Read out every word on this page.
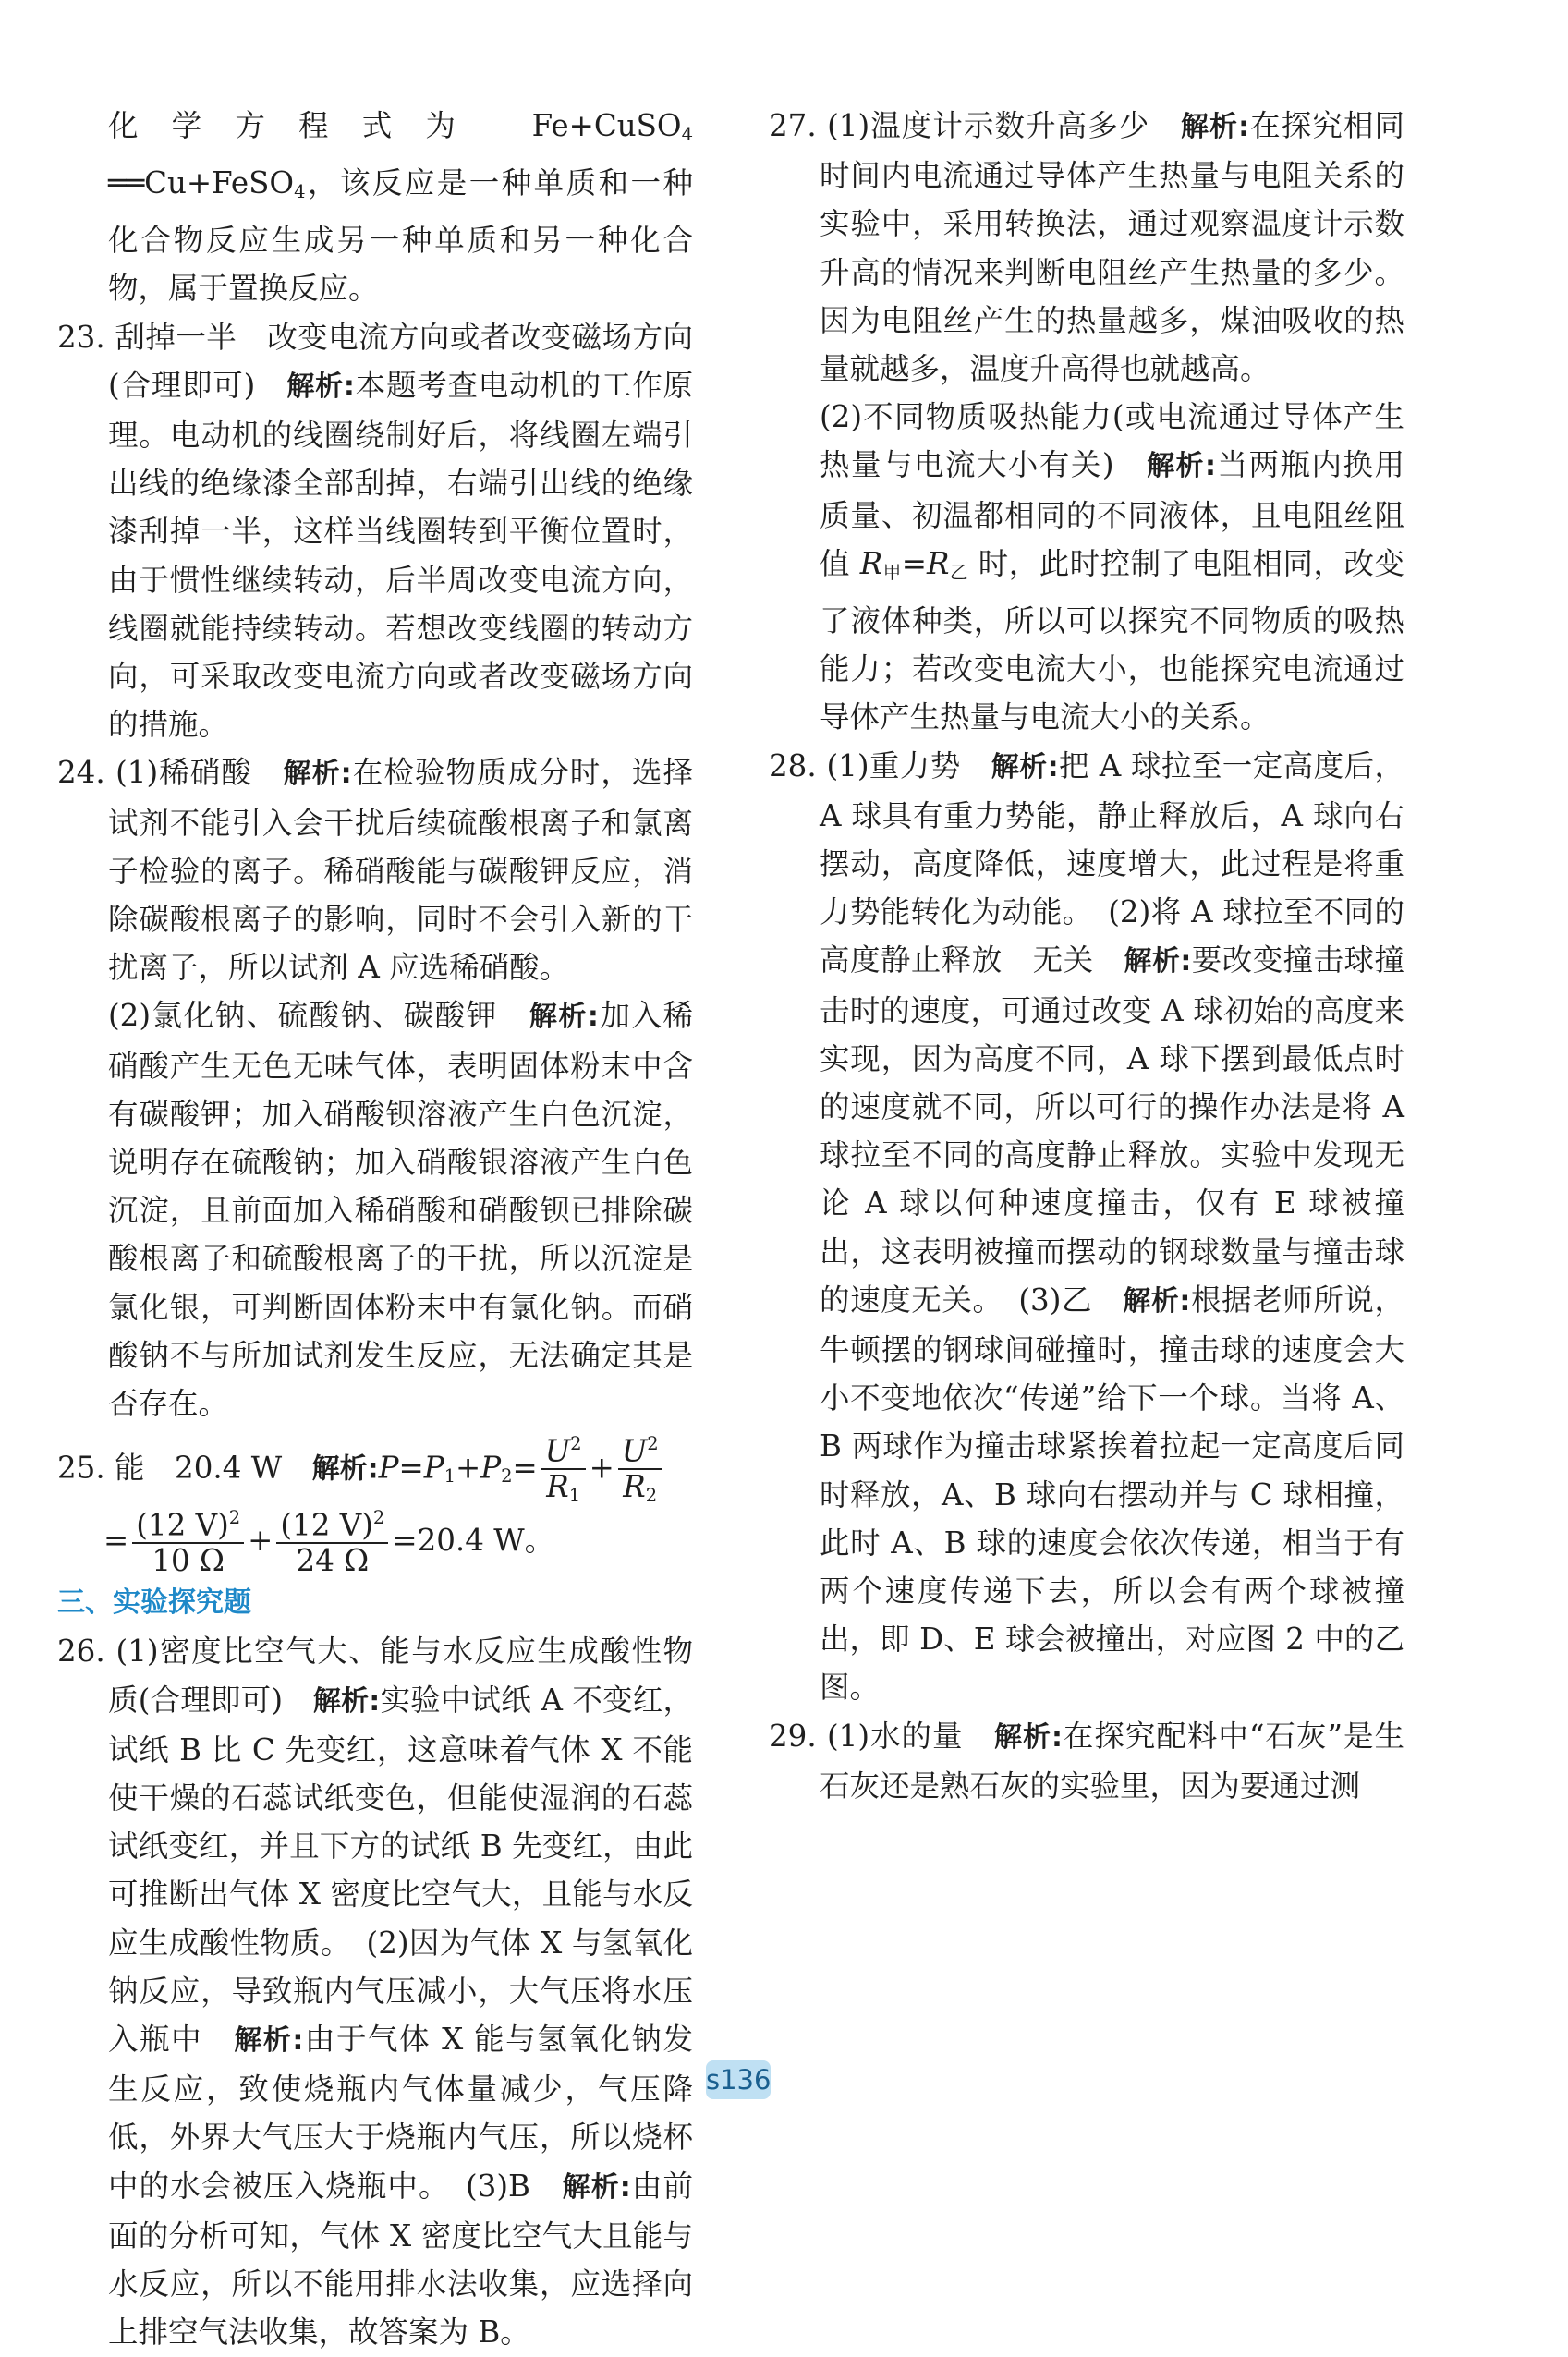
化学方程式为 Fe+CuSO$_4$ ══Cu+FeSO$_4$，该反应是一种单质和一种化合物反应生成另一种单质和另一种化合物，属于置换反应。
23. 刮掉一半　改变电流方向或者改变磁场方向(合理即可)　解析:本题考查电动机的工作原理。电动机的线圈绕制好后，将线圈左端引出线的绝缘漆全部刮掉，右端引出线的绝缘漆刮掉一半，这样当线圈转到平衡位置时，由于惯性继续转动，后半周改变电流方向，线圈就能持续转动。若想改变线圈的转动方向，可采取改变电流方向或者改变磁场方向的措施。
24. (1)稀硝酸　解析:在检验物质成分时，选择试剂不能引入会干扰后续硫酸根离子和氯离子检验的离子。稀硝酸能与碳酸钾反应，消除碳酸根离子的影响，同时不会引入新的干扰离子，所以试剂 A 应选稀硝酸。
(2)氯化钠、硫酸钠、碳酸钾　解析:加入稀硝酸产生无色无味气体，表明固体粉末中含有碳酸钾；加入硝酸钡溶液产生白色沉淀，说明存在硫酸钠；加入硝酸银溶液产生白色沉淀，且前面加入稀硝酸和硝酸钡已排除碳酸根离子和硫酸根离子的干扰，所以沉淀是氯化银，可判断固体粉末中有氯化钠。而硝酸钠不与所加试剂发生反应，无法确定其是否存在。
25. 能　20.4 W　解析$:P=P_1+P_2= \frac{U^2}{R_1} + \frac{U^2}{R_2}$
= $\frac{(12 V)^2}{10 \Omega} + \frac{(12 V)^2}{24 \Omega} =20.4$ W。
三、实验探究题
26. (1)密度比空气大、能与水反应生成酸性物质(合理即可)　解析:实验中试纸 A 不变红，试纸 B 比 C 先变红，这意味着气体 X 不能使干燥的石蕊试纸变色，但能使湿润的石蕊试纸变红，并且下方的试纸 B 先变红，由此可推断出气体 X 密度比空气大，且能与水反应生成酸性物质。　(2)因为气体 X 与氢氧化钠反应，导致瓶内气压减小，大气压将水压入瓶中　解析:由于气体 X 能与氢氧化钠发生反应，致使烧瓶内气体量减少，气压降低，外界大气压大于烧瓶内气压，所以烧杯中的水会被压入烧瓶中。　(3)B　解析:由前面的分析可知，气体 X 密度比空气大且能与水反应，所以不能用排水法收集，应选择向上排空气法收集，故答案为 B。
27. (1)温度计示数升高多少　解析:在探究相同时间内电流通过导体产生热量与电阻关系的实验中，采用转换法，通过观察温度计示数升高的情况来判断电阻丝产生热量的多少。因为电阻丝产生的热量越多，煤油吸收的热量就越多，温度升高得也就越高。
(2)不同物质吸热能力(或电流通过导体产生热量与电流大小有关)　解析:当两瓶内换用质量、初温都相同的不同液体，且电阻丝阻值 $R_甲=R_乙$ 时，此时控制了电阻相同，改变了液体种类，所以可以探究不同物质的吸热能力；若改变电流大小，也能探究电流通过导体产生热量与电流大小的关系。
28. (1)重力势　解析:把 A 球拉至一定高度后，A 球具有重力势能，静止释放后，A 球向右摆动，高度降低，速度增大，此过程是将重力势能转化为动能。　(2)将 A 球拉至不同的高度静止释放　无关　解析:要改变撞击球撞击时的速度，可通过改变 A 球初始的高度来实现，因为高度不同，A 球下摆到最低点时的速度就不同，所以可行的操作办法是将 A 球拉至不同的高度静止释放。实验中发现无论 A 球以何种速度撞击，仅有 E 球被撞出，这表明被撞而摆动的钢球数量与撞击球的速度无关。　(3)乙　解析:根据老师所说，牛顿摆的钢球间碰撞时，撞击球的速度会大小不变地依次“传递”给下一个球。当将 A、B 两球作为撞击球紧挨着拉起一定高度后同时释放，A、B 球向右摆动并与 C 球相撞，此时 A、B 球的速度会依次传递，相当于有两个速度传递下去，所以会有两个球被撞出，即 D、E 球会被撞出，对应图 2 中的乙图。
29. (1)水的量　解析:在探究配料中“石灰”是生石灰还是熟石灰的实验里，因为要通过测
s136
